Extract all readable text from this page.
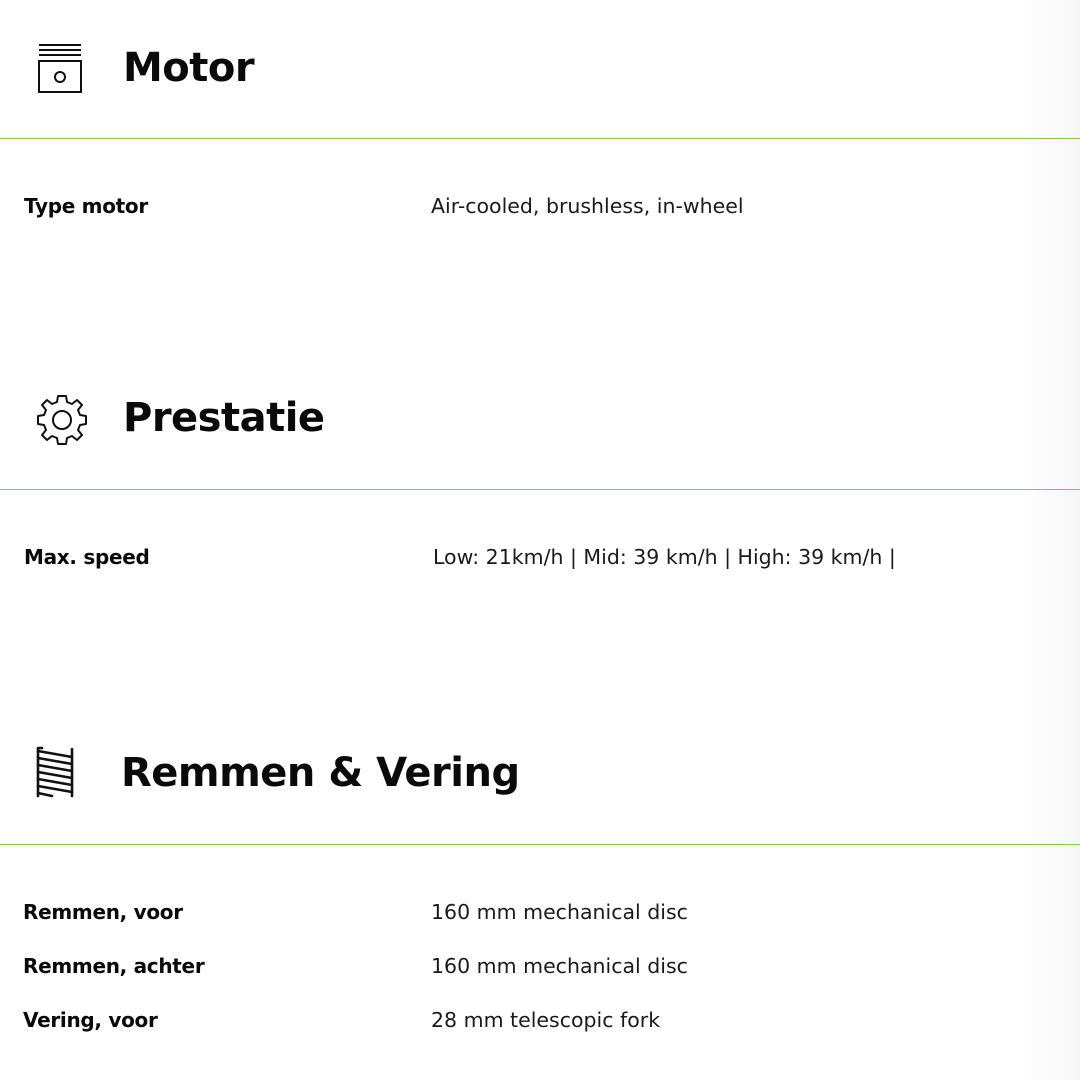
Motor
Type motor	Air-cooled, brushless, in-wheel
Prestatie
Max. speed	Low: 21km/h | Mid: 39 km/h | High: 39 km/h |
Remmen & Vering
Remmen, voor	160 mm mechanical disc
Remmen, achter	160 mm mechanical disc
Vering, voor	28 mm telescopic fork
